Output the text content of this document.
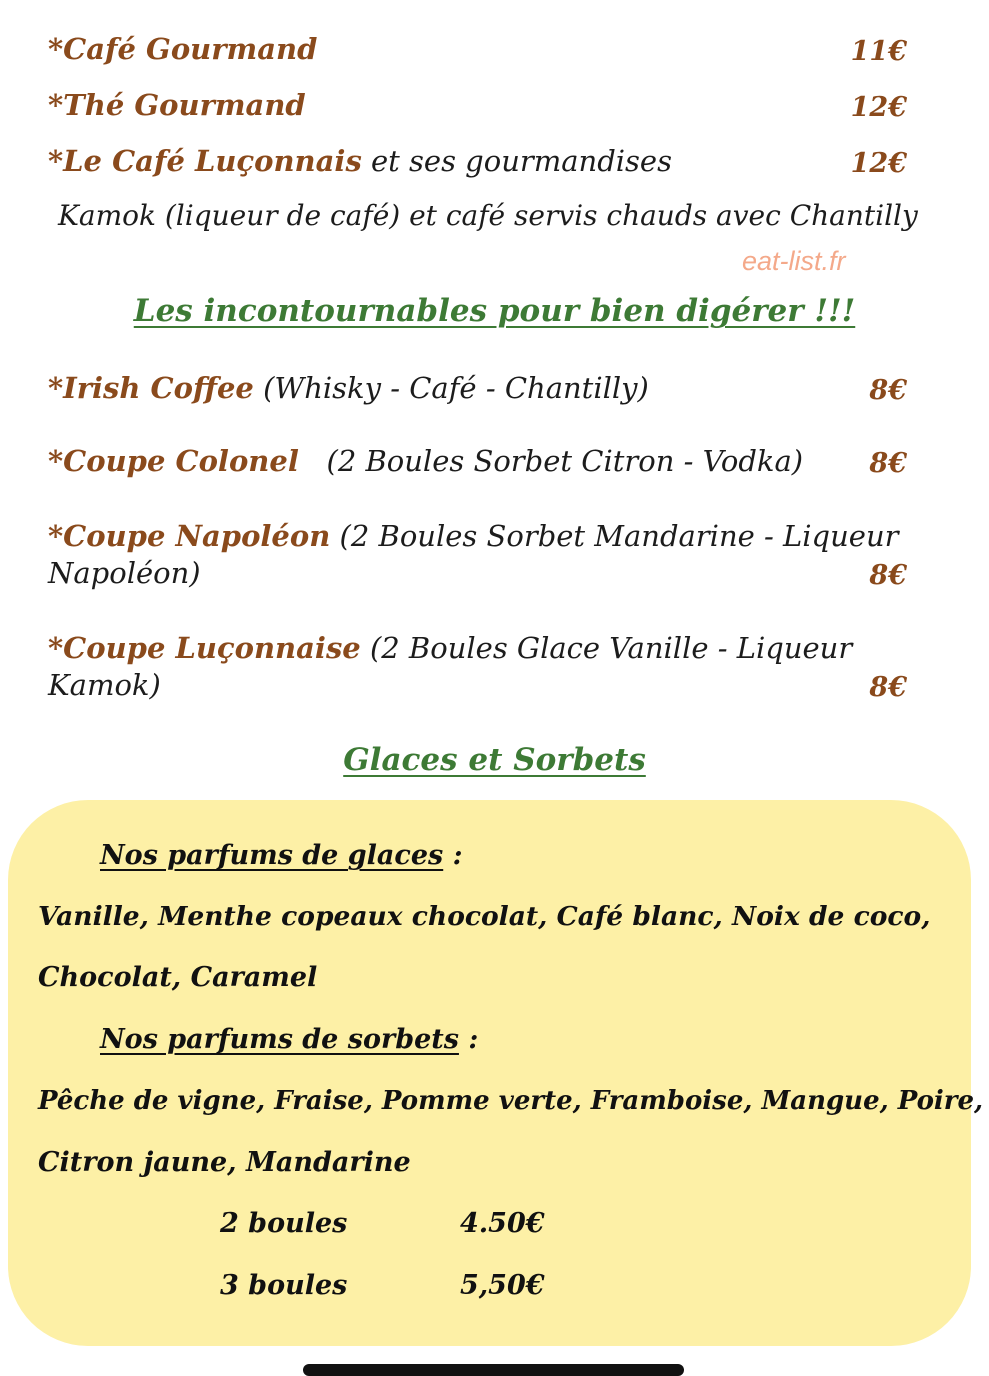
*Café Gourmand	11€
*Thé Gourmand	12€
*Le Café Luçonnais et ses gourmandises	12€
Kamok (liqueur de café) et café servis chauds avec Chantilly
eat-list.fr
Les incontournables pour bien digérer !!!
*Irish Coffee (Whisky - Café - Chantilly)	8€
*Coupe Colonel   (2 Boules Sorbet Citron - Vodka)	8€
*Coupe Napoléon (2 Boules Sorbet Mandarine - Liqueur
Napoléon)	8€
*Coupe Luçonnaise (2 Boules Glace Vanille - Liqueur
Kamok)	8€
Glaces et Sorbets
Nos parfums de glaces :
Vanille, Menthe copeaux chocolat, Café blanc, Noix de coco,
Chocolat, Caramel
Nos parfums de sorbets :
Pêche de vigne, Fraise, Pomme verte, Framboise, Mangue, Poire,
Citron jaune, Mandarine
2 boules	4.50€
3 boules	5,50€
